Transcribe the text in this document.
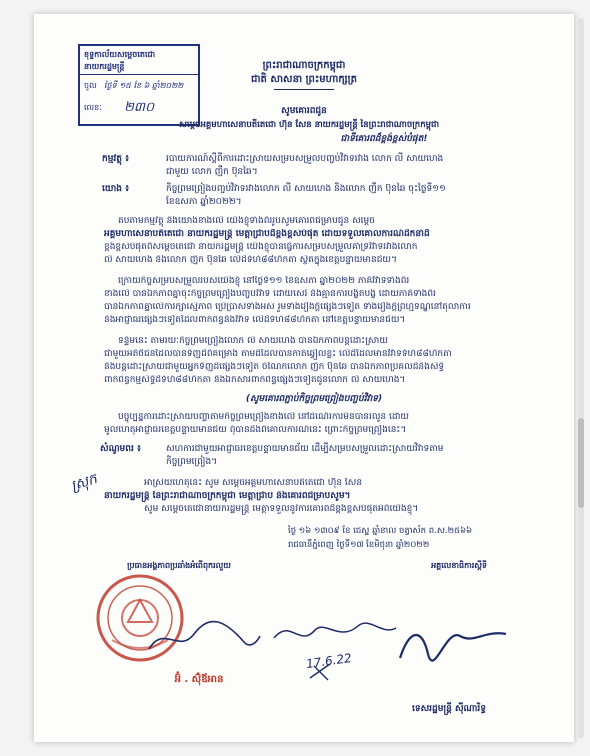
ខុទ្ទកាល័យសម្ដេចតេជោ
នាយករដ្ឋមន្ត្រី
ចូល ថ្ងៃទី ១៥ ខែ ៦ ឆ្នាំ២០២២
លេខៈ ២៣០
ព្រះរាជាណាចក្រកម្ពុជា
ជាតិ សាសនា ព្រះមហាក្សត្រ
សូមគោរពជូន
សម្តេចអគ្គមហាសេនាបតីតេជោ ហ៊ុន សែន នាយករដ្ឋមន្ត្រី នៃព្រះរាជាណាចក្រកម្ពុជា
ជាទីគោរពដ៏ខ្ពង់ខ្ពស់បំផុត!
កម្មវត្ថុ ៖	របាយការណ៍ស្តីពីការដោះស្រាយសម្របសម្រួលបញ្ចប់វិវាទរវាង លោក លី សាយហេង
ជាមួយ លោក ញឹក ប៊ុនឆៃ។
យោង ៖	កិច្ចព្រមព្រៀងបញ្ចប់វិវាទរវាងលោក លី សាយហេង និងលោក ញឹក ប៊ុនឆៃ ចុះថ្ងៃទី១១
ខែឧសភា ឆ្នាំ២០២២។
តបតាមកម្មវត្ថុ និងយោងខាងលើ យើងខ្ញុំទាំងពីររូបសូមគោរពជម្រាបជូន សម្តេច
អគ្គមហាសេនាបតីតេជោ នាយករដ្ឋមន្ត្រី មេត្តាជ្រាបដ៏ខ្ពង់ខ្ពស់បំផុត ដោយទទួលគោលការណ៍ដឹកនាំដ៏
ខ្ពង់ខ្ពស់បំផុតពីសម្តេចតេជោ នាយករដ្ឋមន្ត្រី យើងខ្ញុំបានធ្វើការសម្របសម្រួលគាំទ្រវិវាទរវាងលោក
លី សាយហេង និងលោក ញឹក ប៊ុនឆៃ លើដីទំហំ៨៨ហិកតា ស្ថិតក្នុងខេត្តបន្ទាយមានជ័យ។
ក្រោយកិច្ចសម្របសម្រួលរបស់យើងខ្ញុំ នៅថ្ងៃទី១១ ខែឧសភា ឆ្នាំ២០២២ ភាគីវិវាទទាំងពីរ
ខាងលើ បានឯកភាពគ្នាចុះកិច្ចព្រមព្រៀងបញ្ចប់វិវាទ ដោយសេរី និងគ្មានការបង្ខិតបង្ខំ ដោយភាគីទាំងពីរ
បានឯកភាពគ្នាលើការក្សាស្មើភាព ប្រើប្រាស់ទាំងអស់ រួមទាំងរឿងក្តីផ្សេងៗទៀត ទាំងរឿងក្តីព្រហ្មទណ្ឌនៅតុលាការ
និងអាជ្ញាធរផ្សេងៗទៀតដែលពាក់ព័ន្ធនឹងវិវាទ លើដីទំហំ៨៨ហិកតា នៅខេត្តបន្ទាយមានជ័យ។
ទន្ទឹមនេះ តាមរយៈកិច្ចព្រមព្រៀងលោក លី សាយហេង បានឯកភាពបន្តដោះស្រាយ
ជាមួយអតិថិជនដែលបានទិញដីពីគម្រោង តាមដីដែលបានកាត់ឆ្វៀលខ្លះ លើដីដែលមានវិវាទទំហំ៨៨ហិកតា
និងបន្តដោះស្រាយជាមួយអ្នកទិញដីផ្សេងៗទៀត ចំណែកលោក ញឹក ប៊ុនឆៃ បានឯកភាពប្រគល់ដីនិងសិទ្ធិ
ពាក់ព័ន្ធកម្មសិទ្ធិដីទំហំ៨៨ហិកតា និងឯកសារពាក់ព័ន្ធផ្សេងៗទៀតជូនលោក លី សាយហេង។
(សូមគោរពភ្ជាប់កិច្ចព្រមព្រៀងបញ្ចប់វិវាទ)
បច្ចុប្បន្នការដោះស្រាយបញ្ហាតាមកិច្ចព្រមព្រៀងខាងលើ នៅដំណើរការមិនបានរលូន ដោយ
មូលហេតុអាជ្ញាធរខេត្តបន្ទាយមានជ័យ ពុំបានដឹងពីគោលការណ៍នេះ ព្រោះកិច្ចព្រមព្រៀងនេះ។
សំណូមពរ ៖	សហការជាមួយអាជ្ញាធរខេត្តបន្ទាយមានជ័យ ដើម្បីសម្របសម្រួលដោះស្រាយវិវាទតាម
កិច្ចព្រមព្រៀង។
អាស្រ័យហេតុនេះ សូម សម្តេចអគ្គមហាសេនាបតីតេជោ ហ៊ុន សែន
នាយករដ្ឋមន្ត្រី នៃព្រះរាជាណាចក្រកម្ពុជា មេត្តាជ្រាប និងគោរពជម្រាបសូម។
សូម សម្តេចតេជោនាយករដ្ឋមន្ត្រី មេត្តាទទួលនូវការគោរពដ៏ខ្ពង់ខ្ពស់បំផុតអំពីយើងខ្ញុំ។
ថ្ងៃ ១៦ ១៣០៩ ខែ ជេស្ឋ ឆ្នាំខាល ចត្វាស័ក ព.ស.២៥៦៦
រាជធានីភ្នំពេញ ថ្ងៃទី១៧ ខែមិថុនា ឆ្នាំ២០២២
ស្រុក
ប្រធានអង្គភាពប្រឆាំងអំពើពុករលួយ
អ៊ំ . ស៊ុំឪអាន
អគ្គលេខាធិការស្តីទី
17.6.22
ទេសរដ្ឋមន្ត្រី ស៊ីណារិទ្ធ
